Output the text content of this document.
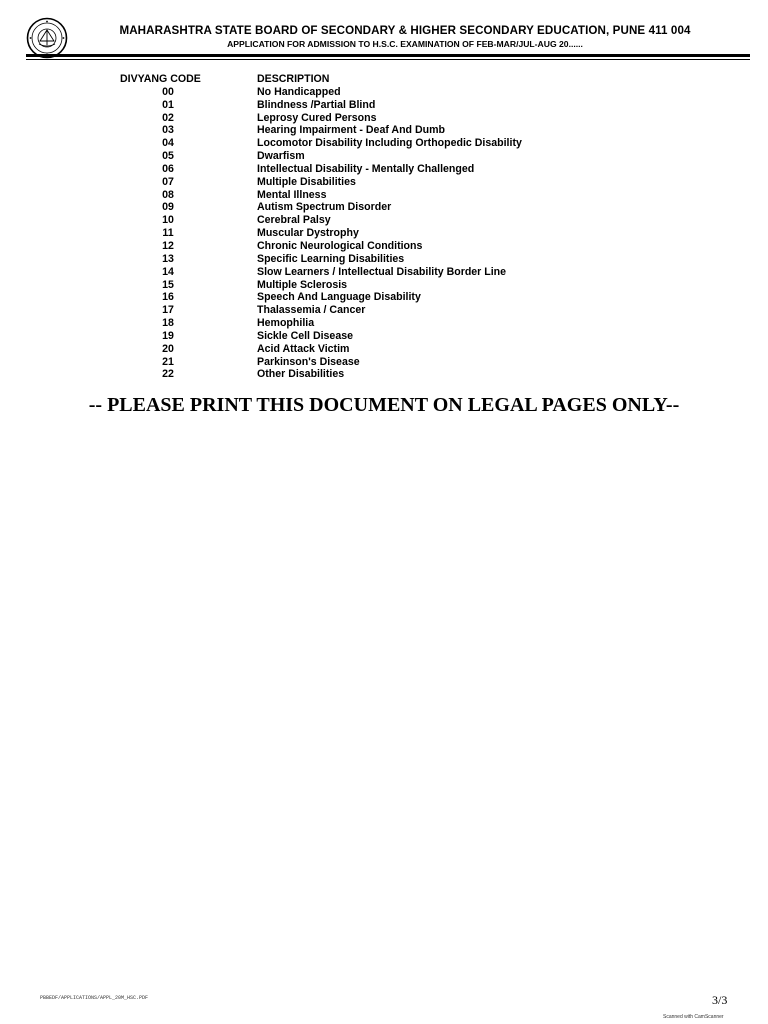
MAHARASHTRA STATE BOARD OF SECONDARY & HIGHER SECONDARY EDUCATION, PUNE 411 004
APPLICATION FOR ADMISSION TO H.S.C. EXAMINATION OF FEB-MAR/JUL-AUG 20......
DIVYANG CODE	DESCRIPTION
00	No Handicapped
01	Blindness /Partial Blind
02	Leprosy Cured Persons
03	Hearing Impairment - Deaf And Dumb
04	Locomotor Disability Including Orthopedic Disability
05	Dwarfism
06	Intellectual Disability - Mentally Challenged
07	Multiple Disabilities
08	Mental Illness
09	Autism Spectrum Disorder
10	Cerebral Palsy
11	Muscular Dystrophy
12	Chronic Neurological Conditions
13	Specific Learning Disabilities
14	Slow Learners / Intellectual Disability Border Line
15	Multiple Sclerosis
16	Speech And Language Disability
17	Thalassemia / Cancer
18	Hemophilia
19	Sickle Cell Disease
20	Acid Attack Victim
21	Parkinson's Disease
22	Other Disabilities
-- PLEASE PRINT THIS DOCUMENT ON LEGAL PAGES ONLY--
PBBEDF/APPLICATIONS/APPL_20M_HSC.PDF	3/3
Scanned with CamScanner
